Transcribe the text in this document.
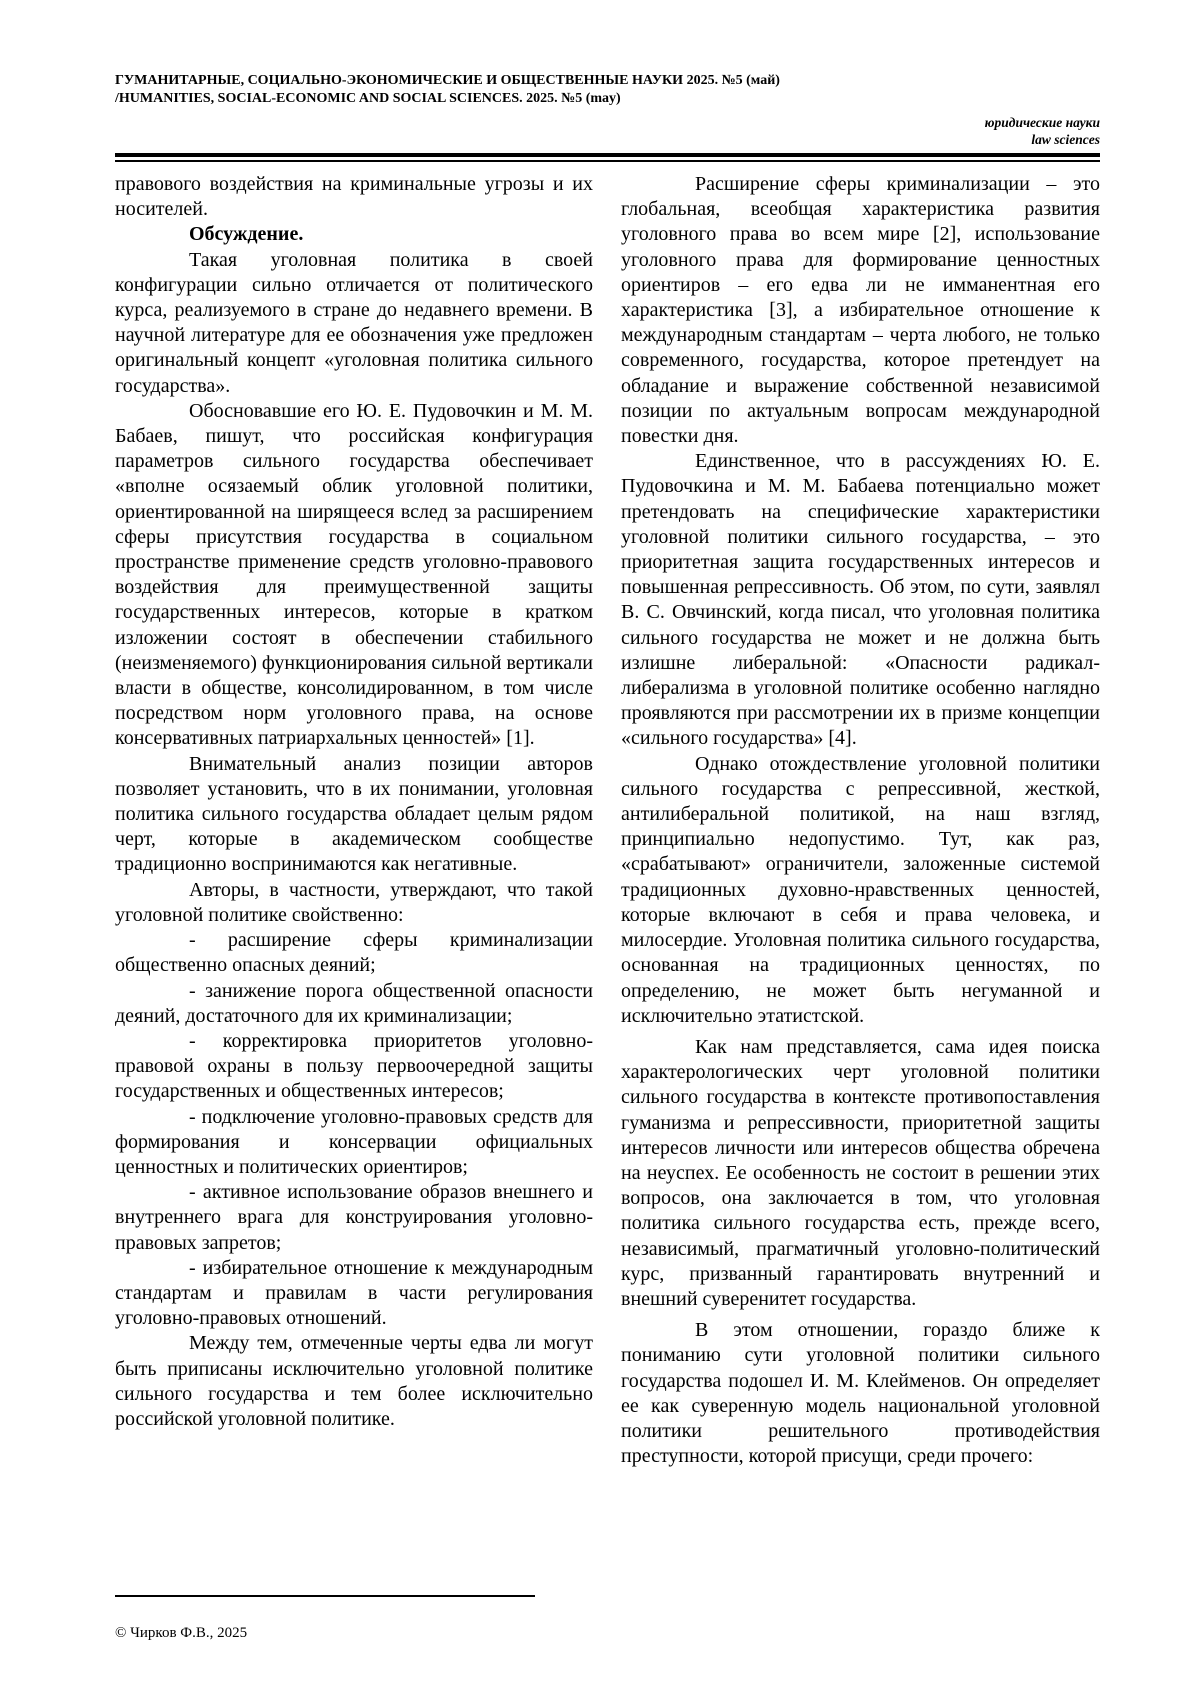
ГУМАНИТАРНЫЕ, СОЦИАЛЬНО-ЭКОНОМИЧЕСКИЕ И ОБЩЕСТВЕННЫЕ НАУКИ 2025. №5 (май)
/HUMANITIES, SOCIAL-ECONOMIC AND SOCIAL SCIENCES. 2025. №5 (may)
юридические науки
law sciences

правового воздействия на криминальные угрозы и их носителей.

Обсуждение.

Такая уголовная политика в своей конфигурации сильно отличается от политического курса, реализуемого в стране до недавнего времени. В научной литературе для ее обозначения уже предложен оригинальный концепт «уголовная политика сильного государства».

Обосновавшие его Ю. Е. Пудовочкин и М. М. Бабаев, пишут, что российская конфигурация параметров сильного государства обеспечивает «вполне осязаемый облик уголовной политики, ориентированной на ширящееся вслед за расширением сферы присутствия государства в социальном пространстве применение средств уголовно-правового воздействия для преимущественной защиты государственных интересов, которые в кратком изложении состоят в обеспечении стабильного (неизменяемого) функционирования сильной вертикали власти в обществе, консолидированном, в том числе посредством норм уголовного права, на основе консервативных патриархальных ценностей» [1].

Внимательный анализ позиции авторов позволяет установить, что в их понимании, уголовная политика сильного государства обладает целым рядом черт, которые в академическом сообществе традиционно воспринимаются как негативные.

Авторы, в частности, утверждают, что такой уголовной политике свойственно:

- расширение сферы криминализации общественно опасных деяний;

- занижение порога общественной опасности деяний, достаточного для их криминализации;

- корректировка приоритетов уголовно-правовой охраны в пользу первоочередной защиты государственных и общественных интересов;

- подключение уголовно-правовых средств для формирования и консервации официальных ценностных и политических ориентиров;

- активное использование образов внешнего и внутреннего врага для конструирования уголовно-правовых запретов;

- избирательное отношение к международным стандартам и правилам в части регулирования уголовно-правовых отношений.

Между тем, отмеченные черты едва ли могут быть приписаны исключительно уголовной политике сильного государства и тем более исключительно российской уголовной политике.

Расширение сферы криминализации – это глобальная, всеобщая характеристика развития уголовного права во всем мире [2], использование уголовного права для формирование ценностных ориентиров – его едва ли не имманентная его характеристика [3], а избирательное отношение к международным стандартам – черта любого, не только современного, государства, которое претендует на обладание и выражение собственной независимой позиции по актуальным вопросам международной повестки дня.

Единственное, что в рассуждениях Ю. Е. Пудовочкина и М. М. Бабаева потенциально может претендовать на специфические характеристики уголовной политики сильного государства, – это приоритетная защита государственных интересов и повышенная репрессивность. Об этом, по сути, заявлял В. С. Овчинский, когда писал, что уголовная политика сильного государства не может и не должна быть излишне либеральной: «Опасности радикал-либерализма в уголовной политике особенно наглядно проявляются при рассмотрении их в призме концепции «сильного государства» [4].

Однако отождествление уголовной политики сильного государства с репрессивной, жесткой, антилиберальной политикой, на наш взгляд, принципиально недопустимо. Тут, как раз, «срабатывают» ограничители, заложенные системой традиционных духовно-нравственных ценностей, которые включают в себя и права человека, и милосердие. Уголовная политика сильного государства, основанная на традиционных ценностях, по определению, не может быть негуманной и исключительно этатистской.

Как нам представляется, сама идея поиска характерологических черт уголовной политики сильного государства в контексте противопоставления гуманизма и репрессивности, приоритетной защиты интересов личности или интересов общества обречена на неуспех. Ее особенность не состоит в решении этих вопросов, она заключается в том, что уголовная политика сильного государства есть, прежде всего, независимый, прагматичный уголовно-политический курс, призванный гарантировать внутренний и внешний суверенитет государства.

В этом отношении, гораздо ближе к пониманию сути уголовной политики сильного государства подошел И. М. Клейменов. Он определяет ее как суверенную модель национальной уголовной политики решительного противодействия преступности, которой присущи, среди прочего:

© Чирков Ф.В., 2025
